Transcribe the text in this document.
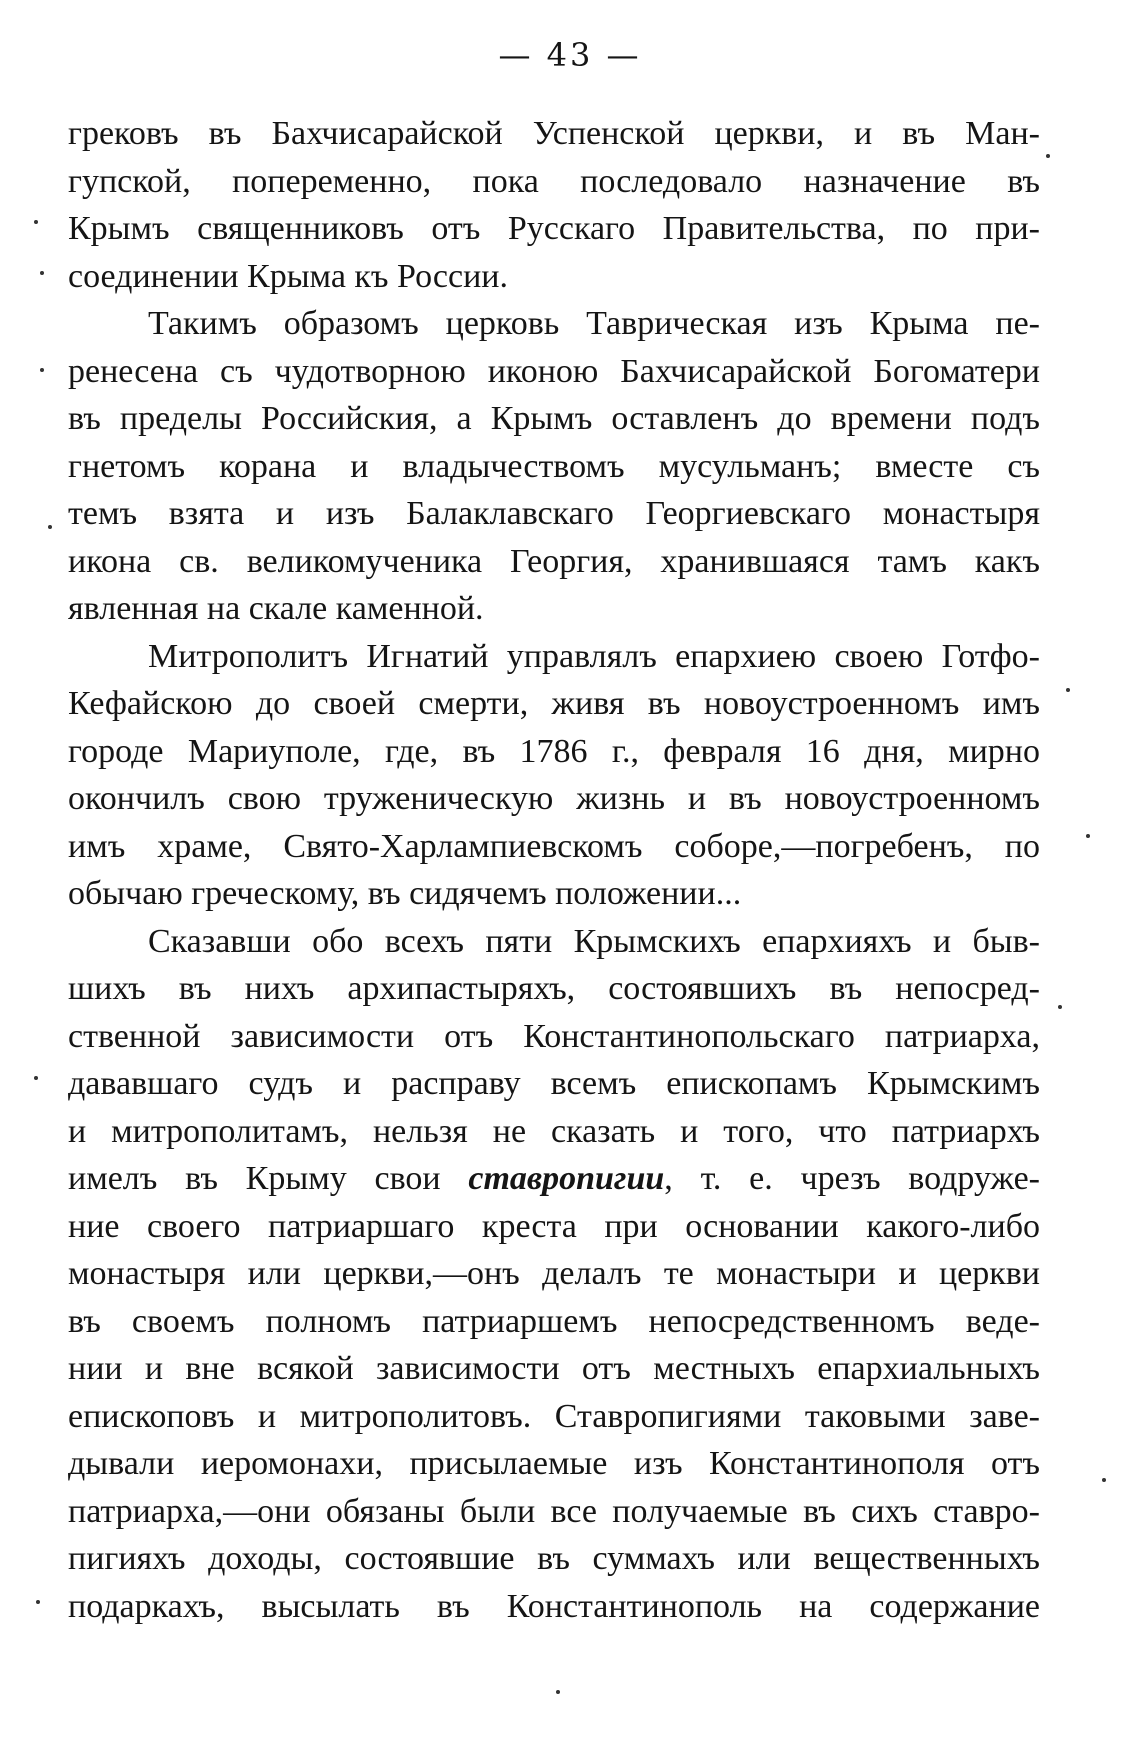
— 43 —
грековъ въ Бахчисарайской Успенской церкви, и въ Ман-
гупской, попеременно, пока последовало назначение въ
Крымъ священниковъ отъ Русскаго Правительства, по при-
соединении Крыма къ России.
Такимъ образомъ церковь Таврическая изъ Крыма пе-
ренесена съ чудотворною иконою Бахчисарайской Богоматери
въ пределы Российския, а Крымъ оставленъ до времени подъ
гнетомъ корана и владычествомъ мусульманъ; вместе съ
темъ взята и изъ Балаклавскаго Георгиевскаго монастыря
икона св. великомученика Георгия, хранившаяся тамъ какъ
явленная на скале каменной.
Митрополитъ Игнатий управлялъ епархиею своею Готфо-
Кефайскою до своей смерти, живя въ новоустроенномъ имъ
городе Мариуполе, где, въ 1786 г., февраля 16 дня, мирно
окончилъ свою труженическую жизнь и въ новоустроенномъ
имъ храме, Свято-Харлампиевскомъ соборе,—погребенъ, по
обычаю греческому, въ сидячемъ положении...
Сказавши обо всехъ пяти Крымскихъ епархияхъ и быв-
шихъ въ нихъ архипастыряхъ, состоявшихъ въ непосред-
ственной зависимости отъ Константинопольскаго патриарха,
дававшаго судъ и расправу всемъ епископамъ Крымскимъ
и митрополитамъ, нельзя не сказать и того, что патриархъ
имелъ въ Крыму свои ставропигии, т. е. чрезъ водруже-
ние своего патриаршаго креста при основании какого-либо
монастыря или церкви,—онъ делалъ те монастыри и церкви
въ своемъ полномъ патриаршемъ непосредственномъ веде-
нии и вне всякой зависимости отъ местныхъ епархиальныхъ
епископовъ и митрополитовъ. Ставропигиями таковыми заве-
дывали иеромонахи, присылаемые изъ Константинополя отъ
патриарха,—они обязаны были все получаемые въ сихъ ставро-
пигияхъ доходы, состоявшие въ суммахъ или вещественныхъ
подаркахъ, высылать въ Константинополь на содержание
